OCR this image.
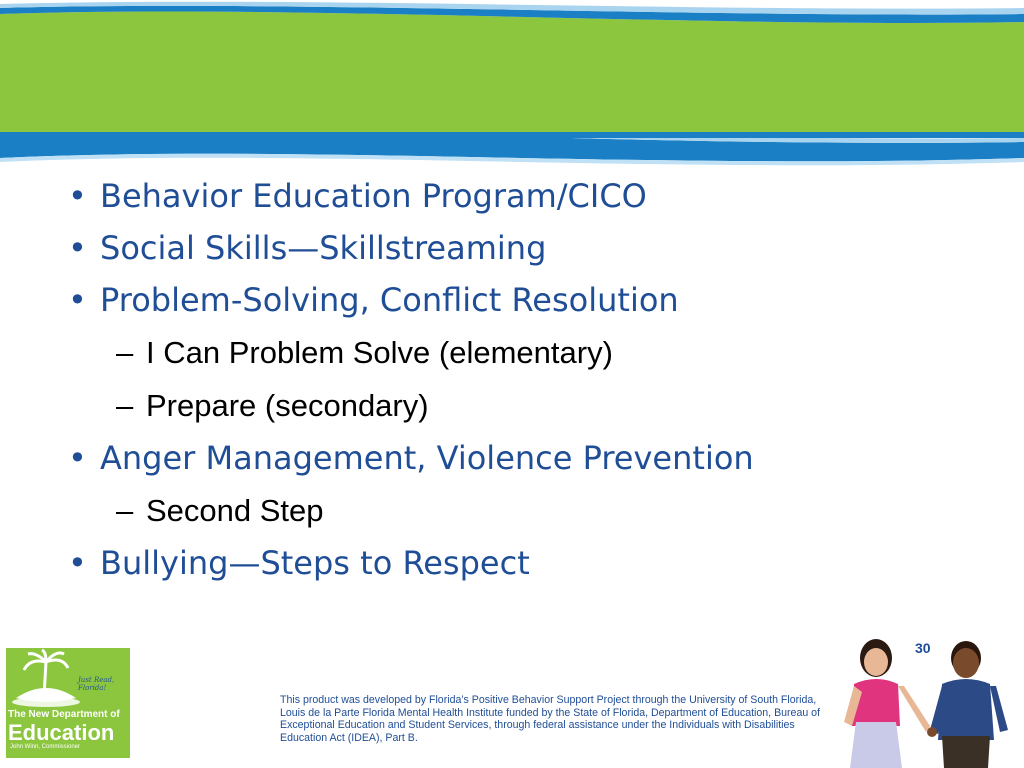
• Behavior Education Program/CICO
• Social Skills—Skillstreaming
• Problem-Solving, Conflict Resolution
– I Can Problem Solve (elementary)
– Prepare (secondary)
• Anger Management, Violence Prevention
– Second Step
• Bullying—Steps to Respect
30
Just Read, Florida!
The New Department of
Education
John Winn, Commissioner
USF
UNIVERSITY OF
SOUTH FLORIDA
This product was developed by Florida’s Positive Behavior Support Project through the University of South Florida, Louis de la Parte Florida Mental Health Institute funded by the State of Florida, Department of Education, Bureau of Exceptional Education and Student Services, through federal assistance under the Individuals with Disabilities Education Act (IDEA), Part B.
